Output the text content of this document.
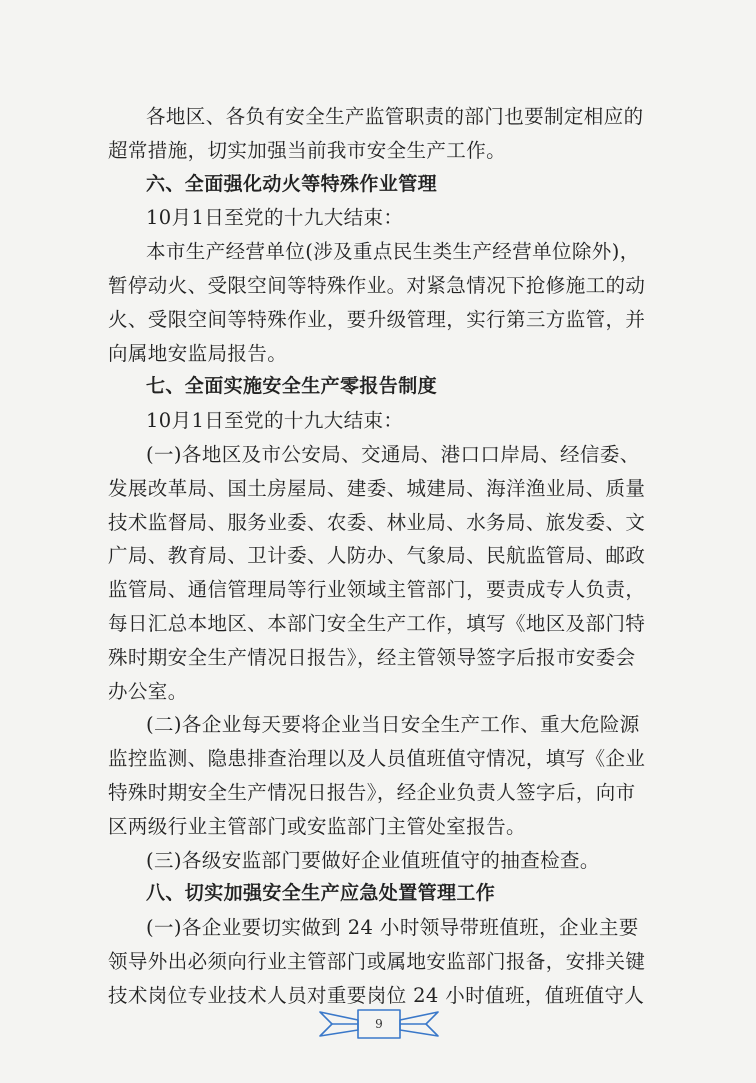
各地区、各负有安全生产监管职责的部门也要制定相应的
超常措施，切实加强当前我市安全生产工作。
六、全面强化动火等特殊作业管理
10月1日至党的十九大结束：
本市生产经营单位(涉及重点民生类生产经营单位除外)，
暂停动火、受限空间等特殊作业。对紧急情况下抢修施工的动
火、受限空间等特殊作业，要升级管理，实行第三方监管，并
向属地安监局报告。
七、全面实施安全生产零报告制度
10月1日至党的十九大结束：
(一)各地区及市公安局、交通局、港口口岸局、经信委、
发展改革局、国土房屋局、建委、城建局、海洋渔业局、质量
技术监督局、服务业委、农委、林业局、水务局、旅发委、文
广局、教育局、卫计委、人防办、气象局、民航监管局、邮政
监管局、通信管理局等行业领域主管部门，要责成专人负责，
每日汇总本地区、本部门安全生产工作，填写《地区及部门特
殊时期安全生产情况日报告》，经主管领导签字后报市安委会
办公室。
(二)各企业每天要将企业当日安全生产工作、重大危险源
监控监测、隐患排查治理以及人员值班值守情况，填写《企业
特殊时期安全生产情况日报告》，经企业负责人签字后，向市
区两级行业主管部门或安监部门主管处室报告。
(三)各级安监部门要做好企业值班值守的抽查检查。
八、切实加强安全生产应急处置管理工作
(一)各企业要切实做到 24 小时领导带班值班，企业主要
领导外出必须向行业主管部门或属地安监部门报备，安排关键
技术岗位专业技术人员对重要岗位 24 小时值班，值班值守人
9
